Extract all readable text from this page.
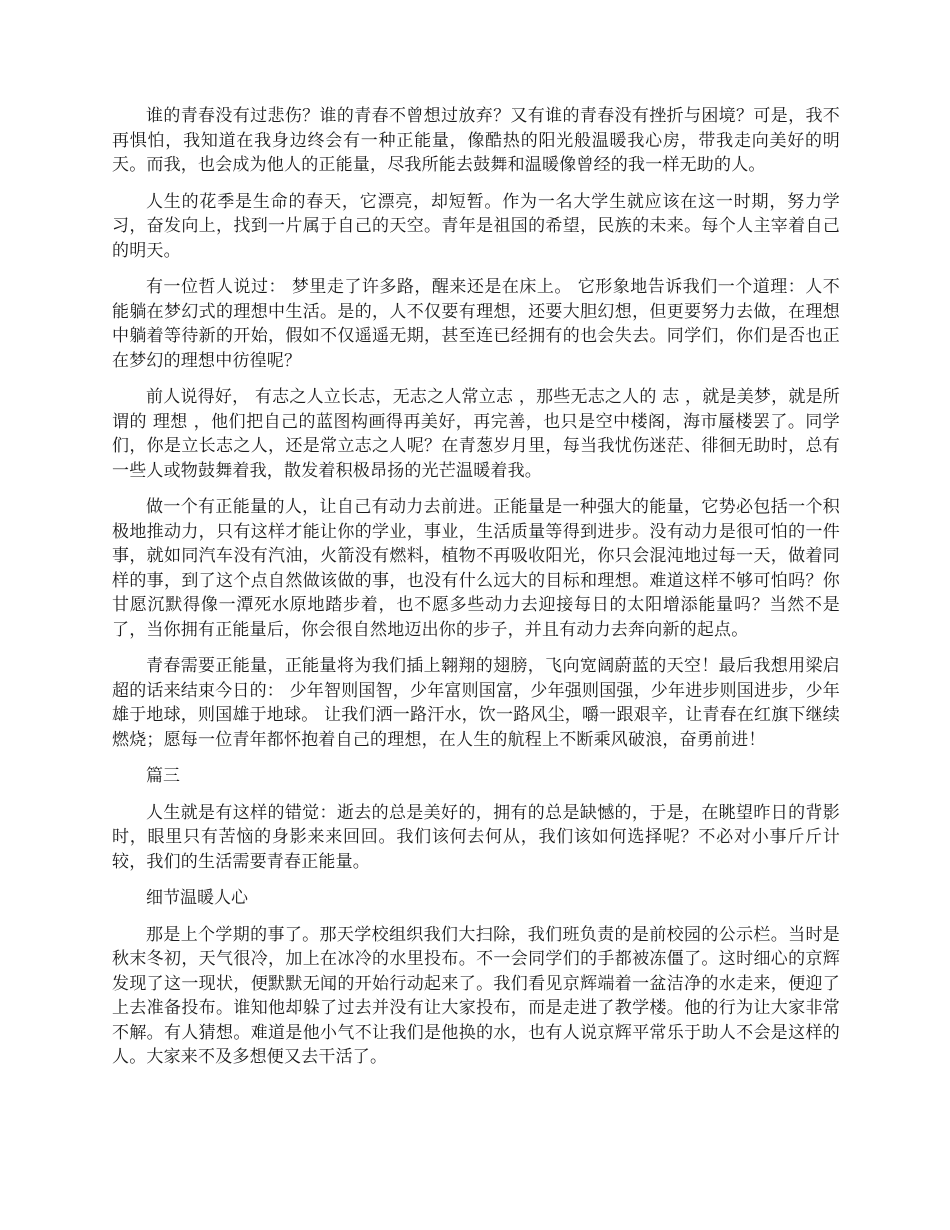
谁的青春没有过悲伤？谁的青春不曾想过放弃？又有谁的青春没有挫折与困境？可是，我不再惧怕，我知道在我身边终会有一种正能量，像酷热的阳光般温暖我心房，带我走向美好的明天。而我，也会成为他人的正能量，尽我所能去鼓舞和温暖像曾经的我一样无助的人。

人生的花季是生命的春天，它漂亮，却短暂。作为一名大学生就应该在这一时期，努力学习，奋发向上，找到一片属于自己的天空。青年是祖国的希望，民族的未来。每个人主宰着自己的明天。

有一位哲人说过： 梦里走了许多路，醒来还是在床上。 它形象地告诉我们一个道理：人不能躺在梦幻式的理想中生活。是的，人不仅要有理想，还要大胆幻想，但更要努力去做，在理想中躺着等待新的开始，假如不仅遥遥无期，甚至连已经拥有的也会失去。同学们，你们是否也正在梦幻的理想中彷徨呢？

前人说得好， 有志之人立长志，无志之人常立志 ，那些无志之人的 志 ，就是美梦，就是所谓的 理想 ，他们把自己的蓝图构画得再美好，再完善，也只是空中楼阁，海市蜃楼罢了。同学们，你是立长志之人，还是常立志之人呢？在青葱岁月里，每当我忧伤迷茫、徘徊无助时，总有一些人或物鼓舞着我，散发着积极昂扬的光芒温暖着我。

做一个有正能量的人，让自己有动力去前进。正能量是一种强大的能量，它势必包括一个积极地推动力，只有这样才能让你的学业，事业，生活质量等得到进步。没有动力是很可怕的一件事，就如同汽车没有汽油，火箭没有燃料，植物不再吸收阳光，你只会混沌地过每一天，做着同样的事，到了这个点自然做该做的事，也没有什么远大的目标和理想。难道这样不够可怕吗？你甘愿沉默得像一潭死水原地踏步着，也不愿多些动力去迎接每日的太阳增添能量吗？当然不是了，当你拥有正能量后，你会很自然地迈出你的步子，并且有动力去奔向新的起点。

青春需要正能量，正能量将为我们插上翱翔的翅膀，飞向宽阔蔚蓝的天空！最后我想用梁启超的话来结束今日的： 少年智则国智，少年富则国富，少年强则国强，少年进步则国进步，少年雄于地球，则国雄于地球。 让我们洒一路汗水，饮一路风尘，嚼一跟艰辛，让青春在红旗下继续燃烧；愿每一位青年都怀抱着自己的理想，在人生的航程上不断乘风破浪，奋勇前进！

篇三

人生就是有这样的错觉：逝去的总是美好的，拥有的总是缺憾的，于是，在眺望昨日的背影时，眼里只有苦恼的身影来来回回。我们该何去何从，我们该如何选择呢？不必对小事斤斤计较，我们的生活需要青春正能量。

细节温暖人心

那是上个学期的事了。那天学校组织我们大扫除，我们班负责的是前校园的公示栏。当时是秋末冬初，天气很冷，加上在冰冷的水里投布。不一会同学们的手都被冻僵了。这时细心的京辉发现了这一现状，便默默无闻的开始行动起来了。我们看见京辉端着一盆洁净的水走来，便迎了上去准备投布。谁知他却躲了过去并没有让大家投布，而是走进了教学楼。他的行为让大家非常不解。有人猜想。难道是他小气不让我们是他换的水，也有人说京辉平常乐于助人不会是这样的人。大家来不及多想便又去干活了。
